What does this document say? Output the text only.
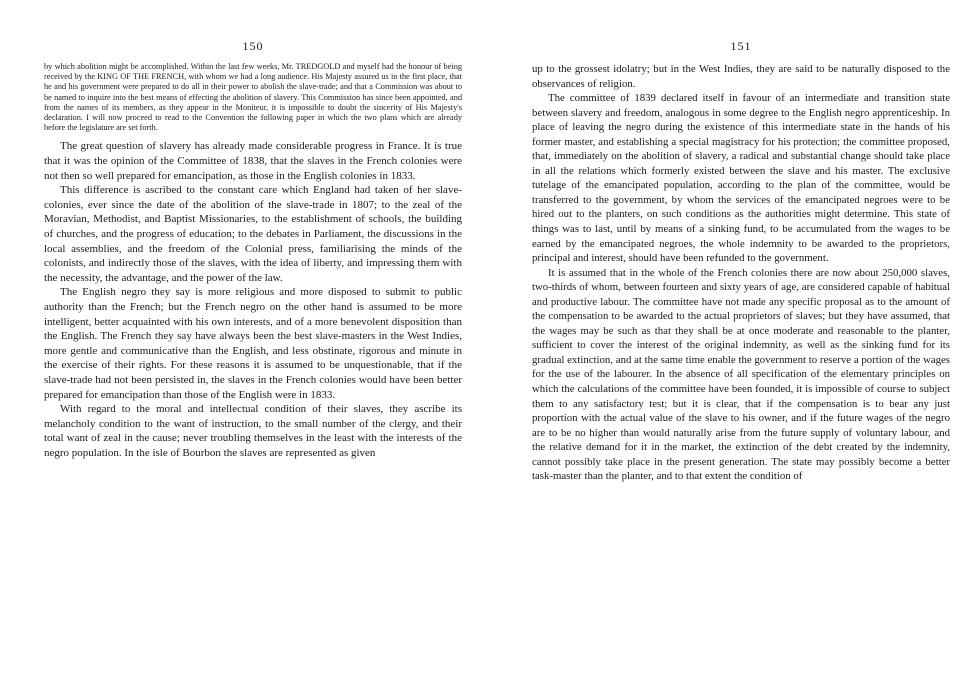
150

by which abolition might be accomplished. Within the last few weeks, Mr. TREDGOLD and myself had the honour of being received by the KING OF THE FRENCH, with whom we had a long audience. His Majesty assured us in the first place, that he and his government were prepared to do all in their power to abolish the slave-trade; and that a Commission was about to be named to inquire into the best means of effecting the abolition of slavery. This Commission has since been appointed, and from the names of its members, as they appear in the Moniteur, it is impossible to doubt the sincerity of His Majesty's declaration. I will now proceed to read to the Convention the following paper in which the two plans which are already before the legislature are set forth.

The great question of slavery has already made considerable progress in France. It is true that it was the opinion of the Committee of 1838, that the slaves in the French colonies were not then so well prepared for emancipation, as those in the English colonies in 1833.

This difference is ascribed to the constant care which England had taken of her slave-colonies, ever since the date of the abolition of the slave-trade in 1807; to the zeal of the Moravian, Methodist, and Baptist Missionaries, to the establishment of schools, the building of churches, and the progress of education; to the debates in Parliament, the discussions in the local assemblies, and the freedom of the Colonial press, familiarising the minds of the colonists, and indirectly those of the slaves, with the idea of liberty, and impressing them with the necessity, the advantage, and the power of the law.

The English negro they say is more religious and more disposed to submit to public authority than the French; but the French negro on the other hand is assumed to be more intelligent, better acquainted with his own interests, and of a more benevolent disposition than the English. The French they say have always been the best slave-masters in the West Indies, more gentle and communicative than the English, and less obstinate, rigorous and minute in the exercise of their rights. For these reasons it is assumed to be unquestionable, that if the slave-trade had not been persisted in, the slaves in the French colonies would have been better prepared for emancipation than those of the English were in 1833.

With regard to the moral and intellectual condition of their slaves, they ascribe its melancholy condition to the want of instruction, to the small number of the clergy, and their total want of zeal in the cause; never troubling themselves in the least with the interests of the negro population. In the isle of Bourbon the slaves are represented as given

151

up to the grossest idolatry; but in the West Indies, they are said to be naturally disposed to the observances of religion.

The committee of 1839 declared itself in favour of an intermediate and transition state between slavery and freedom, analogous in some degree to the English negro apprenticeship. In place of leaving the negro during the existence of this intermediate state in the hands of his former master, and establishing a special magistracy for his protection; the committee proposed, that, immediately on the abolition of slavery, a radical and substantial change should take place in all the relations which formerly existed between the slave and his master. The exclusive tutelage of the emancipated population, according to the plan of the committee, would be transferred to the government, by whom the services of the emancipated negroes were to be hired out to the planters, on such conditions as the authorities might determine. This state of things was to last, until by means of a sinking fund, to be accumulated from the wages to be earned by the emancipated negroes, the whole indemnity to be awarded to the proprietors, principal and interest, should have been refunded to the government.

It is assumed that in the whole of the French colonies there are now about 250,000 slaves, two-thirds of whom, between fourteen and sixty years of age, are considered capable of habitual and productive labour. The committee have not made any specific proposal as to the amount of the compensation to be awarded to the actual proprietors of slaves; but they have assumed, that the wages may be such as that they shall be at once moderate and reasonable to the planter, sufficient to cover the interest of the original indemnity, as well as the sinking fund for its gradual extinction, and at the same time enable the government to reserve a portion of the wages for the use of the labourer. In the absence of all specification of the elementary principles on which the calculations of the committee have been founded, it is impossible of course to subject them to any satisfactory test; but it is clear, that if the compensation is to bear any just proportion with the actual value of the slave to his owner, and if the future wages of the negro are to be no higher than would naturally arise from the future supply of voluntary labour, and the relative demand for it in the market, the extinction of the debt created by the indemnity, cannot possibly take place in the present generation. The state may possibly become a better task-master than the planter, and to that extent the condition of
